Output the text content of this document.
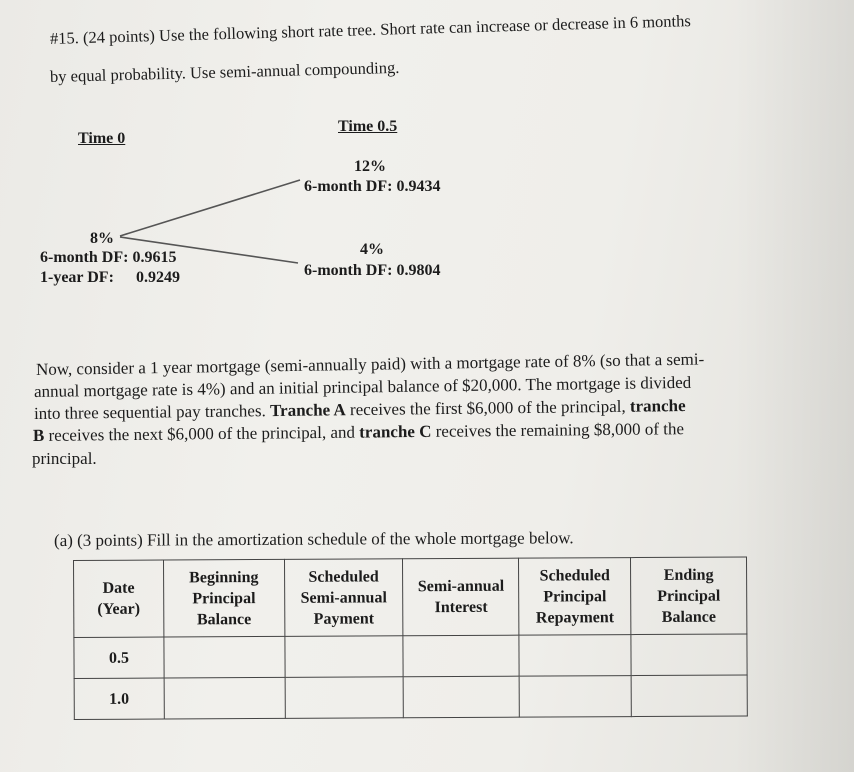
#15. (24 points) Use the following short rate tree. Short rate can increase or decrease in 6 months
by equal probability. Use semi-annual compounding.
Time 0
Time 0.5
12%
6-month DF: 0.9434
4%
6-month DF: 0.9804
8%
6-month DF: 0.9615
1-year DF: 0.9249
Now, consider a 1 year mortgage (semi-annually paid) with a mortgage rate of 8% (so that a semi-
annual mortgage rate is 4%) and an initial principal balance of $20,000. The mortgage is divided
into three sequential pay tranches. Tranche A receives the first $6,000 of the principal, tranche
B receives the next $6,000 of the principal, and tranche C receives the remaining $8,000 of the
principal.
(a) (3 points) Fill in the amortization schedule of the whole mortgage below.
Date
(Year)	Beginning
Principal
Balance	Scheduled
Semi-annual
Payment	Semi-annual
Interest	Scheduled
Principal
Repayment	Ending
Principal
Balance

0.5					
1.0					
